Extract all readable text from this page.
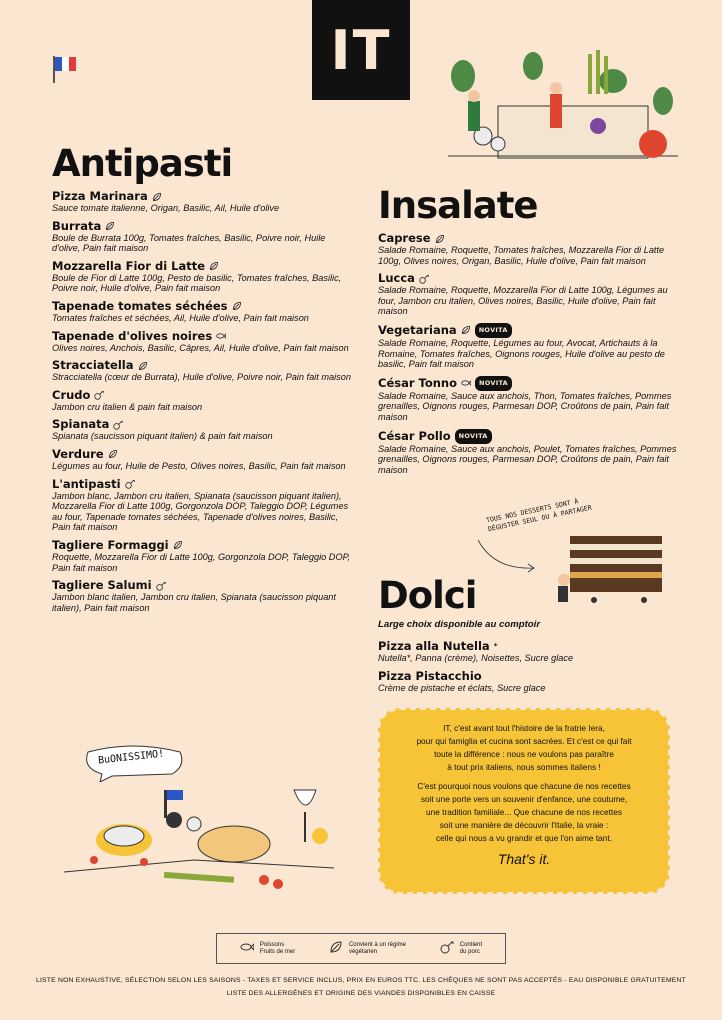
IT
Antipasti
Pizza Marinara
Sauce tomate italienne, Origan, Basilic, Ail, Huile d'olive
Burrata
Boule de Burrata 100g, Tomates fraîches, Basilic, Poivre noir, Huile d'olive, Pain fait maison
Mozzarella Fior di Latte
Boule de Fior di Latte 100g, Pesto de basilic, Tomates fraîches, Basilic, Poivre noir, Huile d'olive, Pain fait maison
Tapenade tomates séchées
Tomates fraîches et séchées, Ail, Huile d'olive, Pain fait maison
Tapenade d'olives noires
Olives noires, Anchois, Basilic, Câpres, Ail, Huile d'olive, Pain fait maison
Stracciatella
Stracciatella (cœur de Burrata), Huile d'olive, Poivre noir, Pain fait maison
Crudo
Jambon cru italien & pain fait maison
Spianata
Spianata (saucisson piquant italien) & pain fait maison
Verdure
Légumes au four, Huile de Pesto, Olives noires, Basilic, Pain fait maison
L'antipasti
Jambon blanc, Jambon cru italien, Spianata (saucisson piquant italien), Mozzarella Fior di Latte 100g, Gorgonzola DOP, Taleggio DOP, Légumes au four, Tapenade tomates séchées, Tapenade d'olives noires, Basilic, Pain fait maison
Tagliere Formaggi
Roquette, Mozzarella Fior di Latte 100g, Gorgonzola DOP, Taleggio DOP, Pain fait maison
Tagliere Salumi
Jambon blanc italien, Jambon cru italien, Spianata (saucisson piquant italien), Pain fait maison
Insalate
Caprese
Salade Romaine, Roquette, Tomates fraîches, Mozzarella Fior di Latte 100g, Olives noires, Origan, Basilic, Huile d'olive, Pain fait maison
Lucca
Salade Romaine, Roquette, Mozzarella Fior di Latte 100g, Légumes au four, Jambon cru italien, Olives noires, Basilic, Huile d'olive, Pain fait maison
Vegetariana	NOVITA
Salade Romaine, Roquette, Légumes au four, Avocat, Artichauts à la Romaine, Tomates fraîches, Oignons rouges, Huile d'olive au pesto de basilic, Pain fait maison
César Tonno	NOVITA
Salade Romaine, Sauce aux anchois, Thon, Tomates fraîches, Pommes grenailles, Oignons rouges, Parmesan DOP, Croûtons de pain, Pain fait maison
César Pollo	NOVITA
Salade Romaine, Sauce aux anchois, Poulet, Tomates fraîches, Pommes grenailles, Oignons rouges, Parmesan DOP, Croûtons de pain, Pain fait maison
TOUS NOS DESSERTS SONT À DÉGUSTER SEUL OU À PARTAGER
Dolci
Large choix disponible au comptoir
Pizza alla Nutella *
Nutella*, Panna (crème), Noisettes, Sucre glace
Pizza Pistacchio
Crème de pistache et éclats, Sucre glace
BuONISSIMO!

IT, c'est avant tout l'histoire de la fratrie Iera,
pour qui famiglia et cucina sont sacrées. Et c'est ce qui fait
toute la différence : nous ne voulons pas paraître
à tout prix italiens, nous sommes italiens !

C'est pourquoi nous voulons que chacune de nos recettes
soit une porte vers un souvenir d'enfance, une coutume,
une tradition familiale... Que chacune de nos recettes
soit une manière de découvrir l'Italie, la vraie :
celle qui nous a vu grandir et que l'on aime tant.

That's it.
Poissons
Fruits de mer
Convient à un régime
végétarien
Contient
du porc
LISTE NON EXHAUSTIVE, SÉLECTION SELON LES SAISONS - TAXES ET SERVICE INCLUS, PRIX EN EUROS TTC. LES CHÈQUES NE SONT PAS ACCEPTÉS - EAU DISPONIBLE GRATUITEMENT
LISTE DES ALLERGÈNES ET ORIGINE DES VIANDES DISPONIBLES EN CAISSE
